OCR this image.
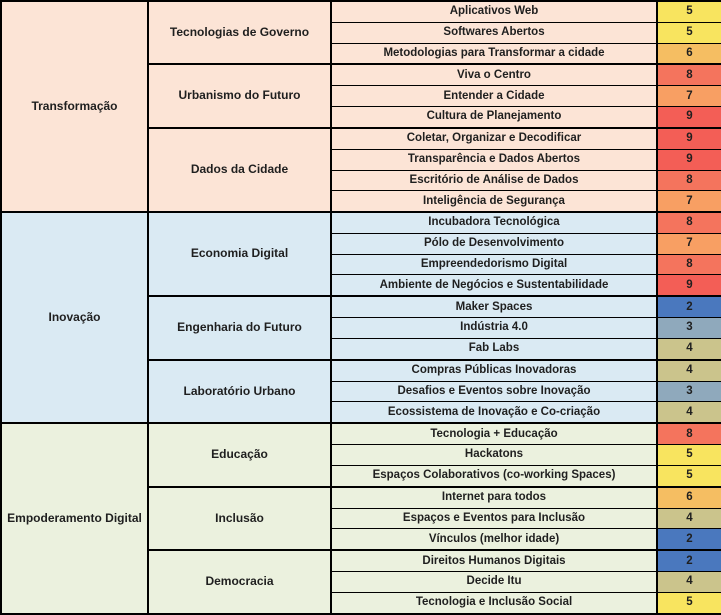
Transformação	Tecnologias de Governo	Aplicativos Web	5
		Softwares Abertos	5
		Metodologias para Transformar a cidade	6
	Urbanismo do Futuro	Viva o Centro	8
		Entender a Cidade	7
		Cultura de Planejamento	9
	Dados da Cidade	Coletar, Organizar e Decodificar	9
		Transparência e Dados Abertos	9
		Escritório de Análise de Dados	8
		Inteligência de Segurança	7
Inovação	Economia Digital	Incubadora Tecnológica	8
		Pólo de Desenvolvimento	7
		Empreendedorismo Digital	8
		Ambiente de Negócios e Sustentabilidade	9
	Engenharia do Futuro	Maker Spaces	2
		Indústria 4.0	3
		Fab Labs	4
	Laboratório Urbano	Compras Públicas Inovadoras	4
		Desafios e Eventos sobre Inovação	3
		Ecossistema de Inovação e Co-criação	4
Empoderamento Digital	Educação	Tecnologia + Educação	8
		Hackatons	5
		Espaços Colaborativos (co-working Spaces)	5
	Inclusão	Internet para todos	6
		Espaços e Eventos para Inclusão	4
		Vínculos (melhor idade)	2
	Democracia	Direitos Humanos Digitais	2
		Decide Itu	4
		Tecnologia e Inclusão Social	5
